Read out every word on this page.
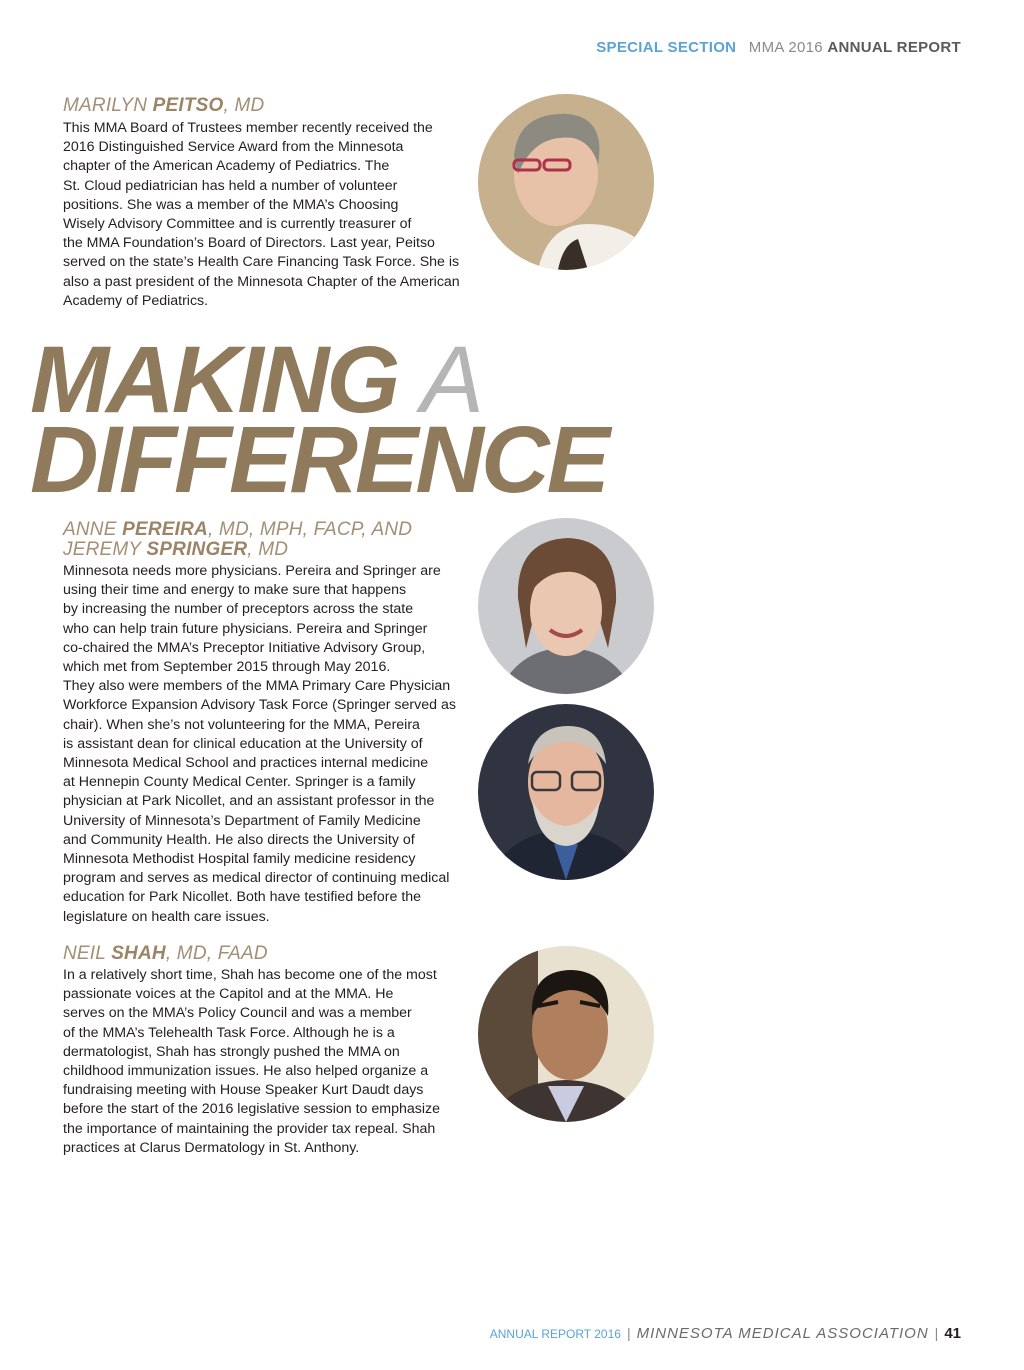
SPECIAL SECTION MMA 2016 ANNUAL REPORT
MARILYN PEITSO, MD
This MMA Board of Trustees member recently received the
2016 Distinguished Service Award from the Minnesota
chapter of the American Academy of Pediatrics. The
St. Cloud pediatrician has held a number of volunteer
positions. She was a member of the MMA’s Choosing
Wisely Advisory Committee and is currently treasurer of
the MMA Foundation’s Board of Directors. Last year, Peitso
served on the state’s Health Care Financing Task Force. She is
also a past president of the Minnesota Chapter of the American
Academy of Pediatrics.
MAKING A
DIFFERENCE
ANNE PEREIRA, MD, MPH, FACP, AND
JEREMY SPRINGER, MD
Minnesota needs more physicians. Pereira and Springer are
using their time and energy to make sure that happens
by increasing the number of preceptors across the state
who can help train future physicians. Pereira and Springer
co-chaired the MMA’s Preceptor Initiative Advisory Group,
which met from September 2015 through May 2016.
They also were members of the MMA Primary Care Physician
Workforce Expansion Advisory Task Force (Springer served as
chair). When she’s not volunteering for the MMA, Pereira
is assistant dean for clinical education at the University of
Minnesota Medical School and practices internal medicine
at Hennepin County Medical Center. Springer is a family
physician at Park Nicollet, and an assistant professor in the
University of Minnesota’s Department of Family Medicine
and Community Health. He also directs the University of
Minnesota Methodist Hospital family medicine residency
program and serves as medical director of continuing medical
education for Park Nicollet. Both have testified before the
legislature on health care issues.
NEIL SHAH, MD, FAAD
In a relatively short time, Shah has become one of the most
passionate voices at the Capitol and at the MMA. He
serves on the MMA’s Policy Council and was a member
of the MMA’s Telehealth Task Force. Although he is a
dermatologist, Shah has strongly pushed the MMA on
childhood immunization issues. He also helped organize a
fundraising meeting with House Speaker Kurt Daudt days
before the start of the 2016 legislative session to emphasize
the importance of maintaining the provider tax repeal. Shah
practices at Clarus Dermatology in St. Anthony.
ANNUAL REPORT 2016 | MINNESOTA MEDICAL ASSOCIATION | 41
